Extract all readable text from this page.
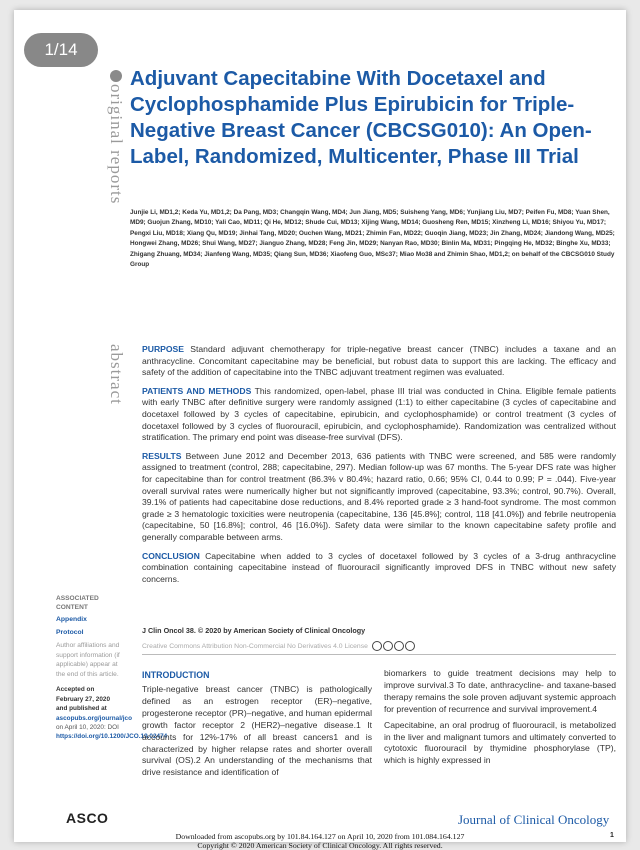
1/14
original reports
abstract
Adjuvant Capecitabine With Docetaxel and Cyclophosphamide Plus Epirubicin for Triple-Negative Breast Cancer (CBCSG010): An Open-Label, Randomized, Multicenter, Phase III Trial
Junjie Li, MD1,2; Keda Yu, MD1,2; Da Pang, MD3; Changqin Wang, MD4; Jun Jiang, MD5; Suisheng Yang, MD6; Yunjiang Liu, MD7; Peifen Fu, MD8; Yuan Shen, MD9; Guojun Zhang, MD10; Yali Cao, MD11; Qi He, MD12; Shude Cui, MD13; Xijing Wang, MD14; Guosheng Ren, MD15; Xinzheng Li, MD16; Shiyou Yu, MD17; Pengxi Liu, MD18; Xiang Qu, MD19; Jinhai Tang, MD20; Ouchen Wang, MD21; Zhimin Fan, MD22; Guoqin Jiang, MD23; Jin Zhang, MD24; Jiandong Wang, MD25; Hongwei Zhang, MD26; Shui Wang, MD27; Jianguo Zhang, MD28; Feng Jin, MD29; Nanyan Rao, MD30; Binlin Ma, MD31; Pingqing He, MD32; Binghe Xu, MD33; Zhigang Zhuang, MD34; Jianfeng Wang, MD35; Qiang Sun, MD36; Xiaofeng Guo, MSc37; Miao Mo38 and Zhimin Shao, MD1,2; on behalf of the CBCSG010 Study Group

PURPOSE Standard adjuvant chemotherapy for triple-negative breast cancer (TNBC) includes a taxane and an anthracycline. Concomitant capecitabine may be beneficial, but robust data to support this are lacking. The efficacy and safety of the addition of capecitabine into the TNBC adjuvant treatment regimen was evaluated.

PATIENTS AND METHODS This randomized, open-label, phase III trial was conducted in China. Eligible female patients with early TNBC after definitive surgery were randomly assigned (1:1) to either capecitabine (3 cycles of capecitabine and docetaxel followed by 3 cycles of capecitabine, epirubicin, and cyclophosphamide) or control treatment (3 cycles of docetaxel followed by 3 cycles of fluorouracil, epirubicin, and cyclophosphamide). Randomization was centralized without stratification. The primary end point was disease-free survival (DFS).

RESULTS Between June 2012 and December 2013, 636 patients with TNBC were screened, and 585 were randomly assigned to treatment (control, 288; capecitabine, 297). Median follow-up was 67 months. The 5-year DFS rate was higher for capecitabine than for control treatment (86.3% v 80.4%; hazard ratio, 0.66; 95% CI, 0.44 to 0.99; P = .044). Five-year overall survival rates were numerically higher but not significantly improved (capecitabine, 93.3%; control, 90.7%). Overall, 39.1% of patients had capecitabine dose reductions, and 8.4% reported grade ≥ 3 hand-foot syndrome. The most common grade ≥ 3 hematologic toxicities were neutropenia (capecitabine, 136 [45.8%]; control, 118 [41.0%]) and febrile neutropenia (capecitabine, 50 [16.8%]; control, 46 [16.0%]). Safety data were similar to the known capecitabine safety profile and generally comparable between arms.

CONCLUSION Capecitabine when added to 3 cycles of docetaxel followed by 3 cycles of a 3-drug anthracycline combination containing capecitabine instead of fluorouracil significantly improved DFS in TNBC without new safety concerns.

J Clin Oncol 38. © 2020 by American Society of Clinical Oncology
Creative Commons Attribution Non-Commercial No Derivatives 4.0 License
ASSOCIATED CONTENT
Appendix
Protocol
Author affiliations and support information (if applicable) appear at the end of this article.
Accepted on February 27, 2020 and published at ascopubs.org/journal/jco on April 10, 2020: DOI https://doi.org/10.1200/JCO.19.02474
INTRODUCTION
Triple-negative breast cancer (TNBC) is pathologically defined as an estrogen receptor (ER)–negative, progesterone receptor (PR)–negative, and human epidermal growth factor receptor 2 (HER2)–negative disease.1 It accounts for 12%-17% of all breast cancers1 and is characterized by higher relapse rates and shorter overall survival (OS).2 An understanding of the mechanisms that drive resistance and identification of

biomarkers to guide treatment decisions may help to improve survival.3 To date, anthracycline- and taxane-based therapy remains the sole proven adjuvant systemic approach for prevention of recurrence and survival improvement.4

Capecitabine, an oral prodrug of fluorouracil, is metabolized in the liver and malignant tumors and ultimately converted to cytotoxic fluorouracil by thymidine phosphorylase (TP), which is highly expressed in

ASCO	Journal of Clinical Oncology
1
Downloaded from ascopubs.org by 101.84.164.127 on April 10, 2020 from 101.084.164.127
Copyright © 2020 American Society of Clinical Oncology. All rights reserved.
